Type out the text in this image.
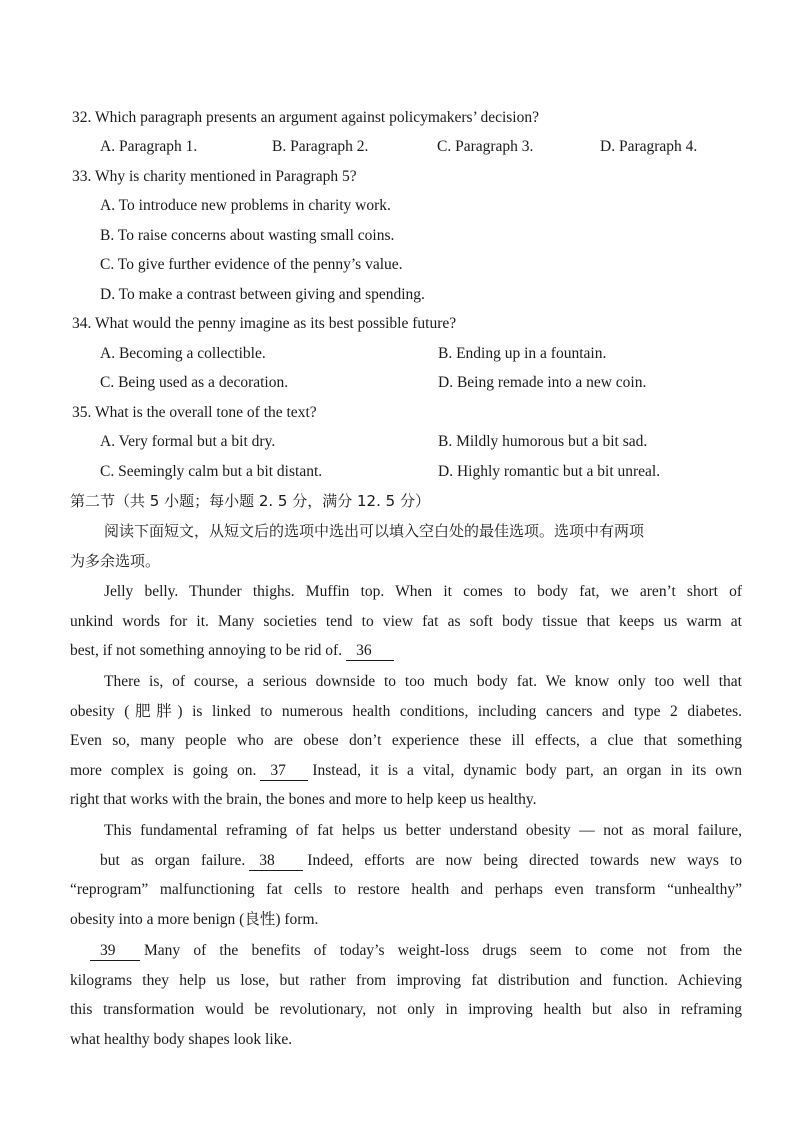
32. Which paragraph presents an argument against policymakers’ decision?
A. Paragraph 1.	B. Paragraph 2.	C. Paragraph 3.	D. Paragraph 4.
33. Why is charity mentioned in Paragraph 5?
A. To introduce new problems in charity work.
B. To raise concerns about wasting small coins.
C. To give further evidence of the penny’s value.
D. To make a contrast between giving and spending.
34. What would the penny imagine as its best possible future?
A. Becoming a collectible.	B. Ending up in a fountain.
C. Being used as a decoration.	D. Being remade into a new coin.
35. What is the overall tone of the text?
A. Very formal but a bit dry.	B. Mildly humorous but a bit sad.
C. Seemingly calm but a bit distant.	D. Highly romantic but a bit unreal.
第二节（共 5 小题；每小题 2. 5 分，满分 12. 5 分）
阅读下面短文，从短文后的选项中选出可以填入空白处的最佳选项。选项中有两项
为多余选项。
Jelly belly. Thunder thighs. Muffin top. When it comes to body fat, we aren’t short of
unkind words for it. Many societies tend to view fat as soft body tissue that keeps us warm at
best, if not something annoying to be rid of. 36
There is, of course, a serious downside to too much body fat. We know only too well that
obesity (肥胖) is linked to numerous health conditions, including cancers and type 2 diabetes.
Even so, many people who are obese don’t experience these ill effects, a clue that something
more complex is going on. 37 Instead, it is a vital, dynamic body part, an organ in its own
right that works with the brain, the bones and more to help keep us healthy.
This fundamental reframing of fat helps us better understand obesity — not as moral failure,
but as organ failure. 38 Indeed, efforts are now being directed towards new ways to
“reprogram” malfunctioning fat cells to restore health and perhaps even transform “unhealthy”
obesity into a more benign (良性) form.
39 Many of the benefits of today’s weight-loss drugs seem to come not from the
kilograms they help us lose, but rather from improving fat distribution and function. Achieving
this transformation would be revolutionary, not only in improving health but also in reframing
what healthy body shapes look like.
